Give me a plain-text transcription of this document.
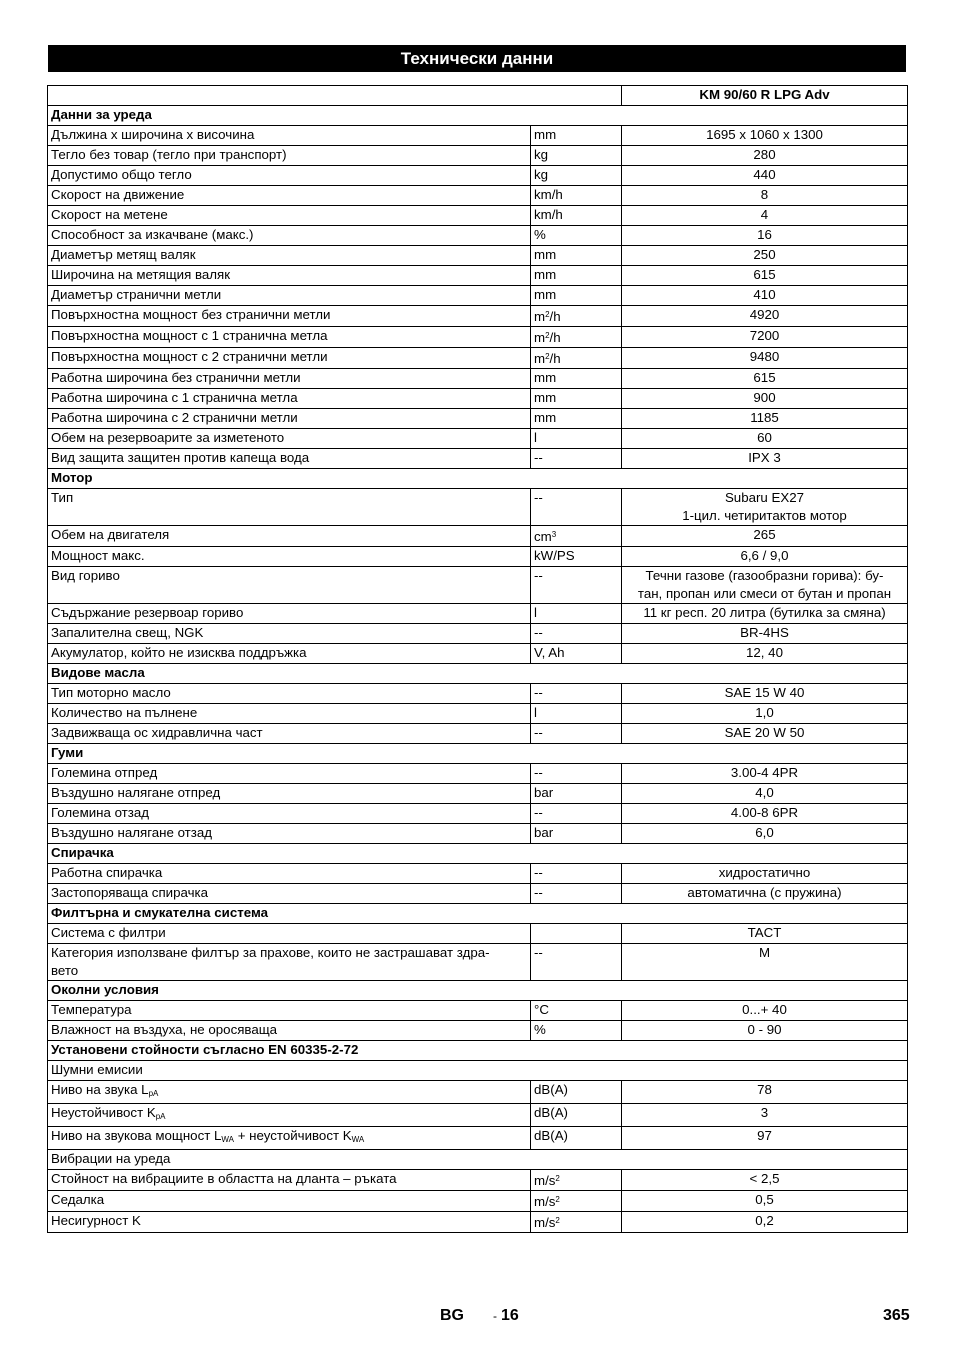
Технически данни
		KM 90/60 R LPG Adv
Данни за уреда		
Дължина х широчина х височина	mm	1695 x 1060 x 1300
Тегло без товар (тегло при транспорт)	kg	280
Допустимо общо тегло	kg	440
Скорост на движение	km/h	8
Скорост на метене	km/h	4
Способност за изкачване (макс.)	%	16
Диаметър метящ валяк	mm	250
Широчина на метящия валяк	mm	615
Диаметър странични метли	mm	410
Повърхностна мощност без странични метли	$m^2/h$	4920
Повърхностна мощност с 1 странична метла	$m^2/h$	7200
Повърхностна мощност с 2 странични метли	$m^2/h$	9480
Работна широчина без странични метли	mm	615
Работна широчина с 1 странична метла	mm	900
Работна широчина с 2 странични метли	mm	1185
Обем на резервоарите за изметеното	l	60
Вид защита защитен против капеща вода	--	IPX 3
Мотор		
Тип	--	Subaru EX27
1-цил. четиритактов мотор
Обем на двигателя	$cm^3$	265
Мощност макс.	kW/PS	6,6 / 9,0
Вид гориво	--	Течни газове (газообразни горива): бу-
тан, пропан или смеси от бутан и пропан
Съдържание резервоар гориво	l	11 кг респ. 20 литра (бутилка за смяна)
Запалителна свещ, NGK	--	BR-4HS
Акумулатор, който не изисква поддръжка	V, Ah	12, 40
Видове масла		
Тип моторно масло	--	SAE 15 W 40
Количество на пълнене	l	1,0
Задвижваща ос хидравлична част	--	SAE 20 W 50
Гуми		
Големина отпред	--	3.00-4 4PR
Въздушно налягане отпред	bar	4,0
Големина отзад	--	4.00-8 6PR
Въздушно налягане отзад	bar	6,0
Спирачка		
Работна спирачка	--	хидростатично
Застопоряваща спирачка	--	автоматична (с пружина)
Филтърна и смукателна система		
Система с филтри		TACT
Категория използване филтър за прахове, които не застрашават здра-
вето	--	M
Околни условия		
Температура	°C	0...+ 40
Влажност на въздуха, не оросяваща	%	0 - 90
Установени стойности съгласно EN 60335-2-72		
Шумни емисии		
Ниво на звука $L_{pA}$	dB(A)	78
Неустойчивост $K_{pA}$	dB(A)	3
Ниво на звукова мощност $L_{WA}$ + неустойчивост $K_{WA}$	dB(A)	97
Вибрации на уреда		
Стойност на вибрациите в областта на дланта – ръката	$m/s^2$	< 2,5
Седалка	$m/s^2$	0,5
Несигурност K	$m/s^2$	0,2
BG - 16	365
